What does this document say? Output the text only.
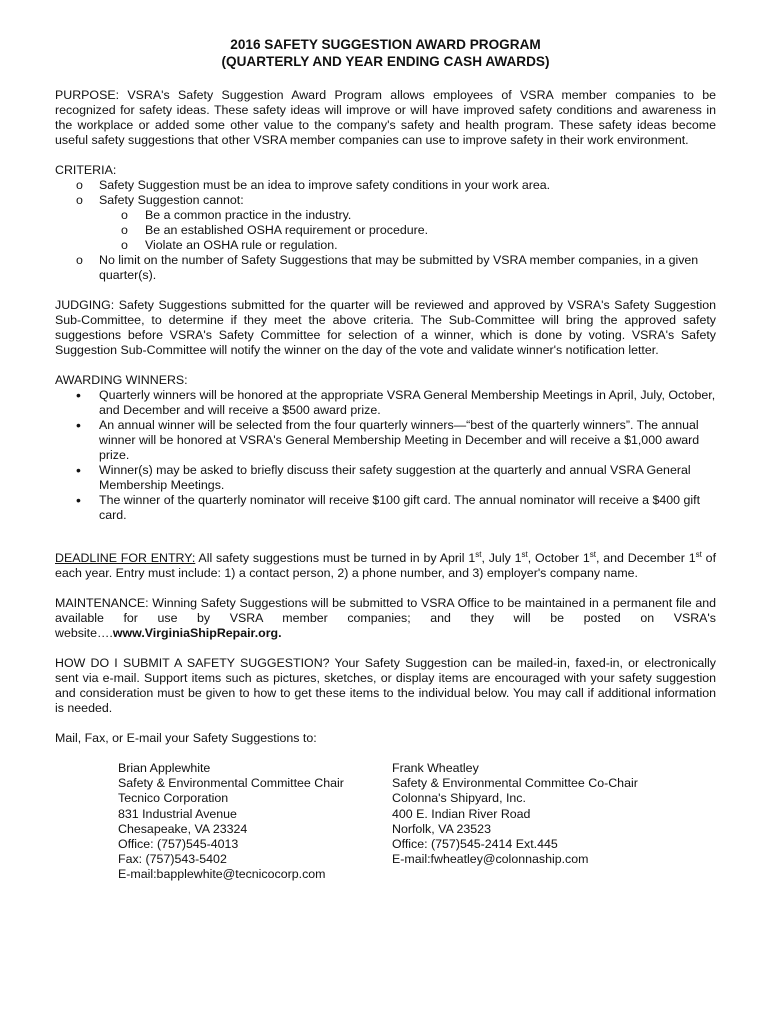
2016 SAFETY SUGGESTION AWARD PROGRAM
(QUARTERLY AND YEAR ENDING CASH AWARDS)

PURPOSE: VSRA's Safety Suggestion Award Program allows employees of VSRA member companies to be recognized for safety ideas. These safety ideas will improve or will have improved safety conditions and awareness in the workplace or added some other value to the company's safety and health program. These safety ideas become useful safety suggestions that other VSRA member companies can use to improve safety in their work environment.

CRITERIA:

o Safety Suggestion must be an idea to improve safety conditions in your work area.
o Safety Suggestion cannot:
o Be a common practice in the industry.
o Be an established OSHA requirement or procedure.
o Violate an OSHA rule or regulation.
o No limit on the number of Safety Suggestions that may be submitted by VSRA member companies, in a given quarter(s).

JUDGING: Safety Suggestions submitted for the quarter will be reviewed and approved by VSRA's Safety Suggestion Sub-Committee, to determine if they meet the above criteria. The Sub-Committee will bring the approved safety suggestions before VSRA's Safety Committee for selection of a winner, which is done by voting. VSRA's Safety Suggestion Sub-Committee will notify the winner on the day of the vote and validate winner's notification letter.

AWARDING WINNERS:

• Quarterly winners will be honored at the appropriate VSRA General Membership Meetings in April, July, October, and December and will receive a $500 award prize.
• An annual winner will be selected from the four quarterly winners—“best of the quarterly winners”. The annual winner will be honored at VSRA's General Membership Meeting in December and will receive a $1,000 award prize.
• Winner(s) may be asked to briefly discuss their safety suggestion at the quarterly and annual VSRA General Membership Meetings.
• The winner of the quarterly nominator will receive $100 gift card. The annual nominator will receive a $400 gift card.

DEADLINE FOR ENTRY: All safety suggestions must be turned in by April 1st, July 1st, October 1st, and December 1st of each year. Entry must include: 1) a contact person, 2) a phone number, and 3) employer's company name.

MAINTENANCE: Winning Safety Suggestions will be submitted to VSRA Office to be maintained in a permanent file and available for use by VSRA member companies; and they will be posted on VSRA's website….www.VirginiaShipRepair.org.

HOW DO I SUBMIT A SAFETY SUGGESTION? Your Safety Suggestion can be mailed-in, faxed-in, or electronically sent via e-mail. Support items such as pictures, sketches, or display items are encouraged with your safety suggestion and consideration must be given to how to get these items to the individual below. You may call if additional information is needed.

Mail, Fax, or E-mail your Safety Suggestions to:

Brian Applewhite
Safety & Environmental Committee Chair
Tecnico Corporation
831 Industrial Avenue
Chesapeake, VA 23324
Office: (757)545-4013
Fax: (757)543-5402
E-mail:bapplewhite@tecnicocorp.com
Frank Wheatley
Safety & Environmental Committee Co-Chair
Colonna's Shipyard, Inc.
400 E. Indian River Road
Norfolk, VA 23523
Office: (757)545-2414 Ext.445
E-mail:fwheatley@colonnaship.com
